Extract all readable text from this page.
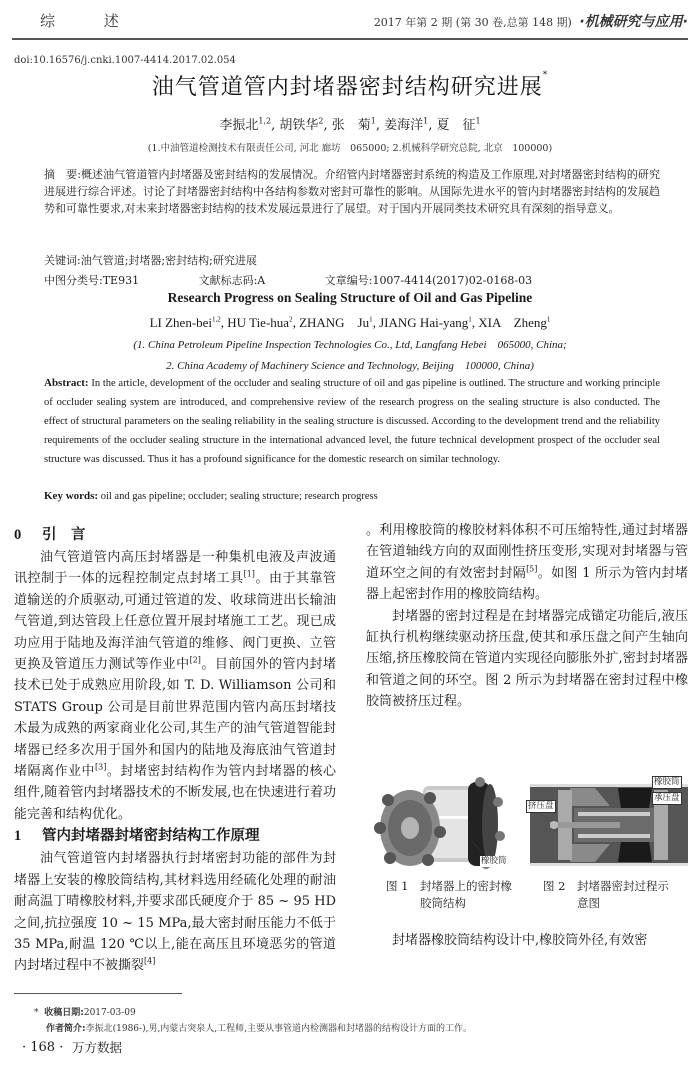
综 述	2017 年第 2 期 (第 30 卷,总第 148 期) ·机械研究与应用·
doi:10.16576/j.cnki.1007-4414.2017.02.054
油气管道管内封堵器密封结构研究进展*
李振北$^{1,2}$, 胡铁华$^2$, 张　菊$^1$, 姜海洋$^1$, 夏　征$^1$
(1.中油管道检测技术有限责任公司, 河北 廊坊　065000; 2.机械科学研究总院, 北京　100000)
摘　要:概述油气管道管内封堵器及密封结构的发展情况。介绍管内封堵器密封系统的构造及工作原理,对封堵器密封结构的研究进展进行综合评述。讨论了封堵器密封结构中各结构参数对密封可靠性的影响。从国际先进水平的管内封堵器密封结构的发展趋势和可靠性要求,对未来封堵器密封结构的技术发展远景进行了展望。对于国内开展同类技术研究具有深刻的指导意义。
关键词:油气管道;封堵器;密封结构;研究进展
中图分类号:TE931	文献标志码:A	文章编号:1007-4414(2017)02-0168-03
Research Progress on Sealing Structure of Oil and Gas Pipeline
LI Zhen-bei$^{1,2}$, HU Tie-hua$^2$, ZHANG　Ju$^1$, JIANG Hai-yang$^1$, XIA　Zheng$^1$
(1. China Petroleum Pipeline Inspection Technologies Co., Ltd, Langfang Hebei　065000, China;
2. China Academy of Machinery Science and Technology, Beijing　100000, China)
Abstract: In the article, development of the occluder and sealing structure of oil and gas pipeline is outlined. The structure and working principle of occluder sealing system are introduced, and comprehensive review of the research progress on the sealing structure is also conducted. The effect of structural parameters on the sealing reliability in the sealing structure is discussed. According to the development trend and the reliability requirements of the occluder sealing structure in the international advanced level, the future technical development prospect of the occluder seal structure was discussed. Thus it has a profound significance for the domestic research on similar technology.
Key words: oil and gas pipeline; occluder; sealing structure; research progress
0 引　言

油气管道管内高压封堵器是一种集机电液及声波通讯控制于一体的远程控制定点封堵工具[1]。由于其靠管道输送的介质驱动,可通过管道的发、收球筒进出长输油气管道,到达管段上任意位置开展封堵施工工艺。现已成功应用于陆地及海洋油气管道的维修、阀门更换、立管更换及管道压力测试等作业中[2]。目前国外的管内封堵技术已处于成熟应用阶段,如 T. D. Williamson 公司和 STATS Group 公司是目前世界范围内管内高压封堵技术最为成熟的两家商业化公司,其生产的油气管道智能封堵器已经多次用于国外和国内的陆地及海底油气管道封堵隔离作业中[3]。封堵密封结构作为管内封堵器的核心组件,随着管内封堵器技术的不断发展,也在快速进行着功能完善和结构优化。

1 管内封堵器封堵密封结构工作原理

油气管道管内封堵器执行封堵密封功能的部件为封堵器上安装的橡胶筒结构,其材料选用经硫化处理的耐油耐高温丁晴橡胶材料,并要求邵氏硬度介于 85 ~ 95 HD 之间,抗拉强度 10 ~ 15 MPa,最大密封耐压能力不低于 35 MPa,耐温 120 ℃以上,能在高压且环境恶劣的管道内封堵过程中不被撕裂[4]

。利用橡胶筒的橡胶材料体积不可压缩特性,通过封堵器在管道轴线方向的双面刚性挤压变形,实现对封堵器与管道环空之间的有效密封封隔[5]。如图 1 所示为管内封堵器上起密封作用的橡胶筒结构。

封堵器的密封过程是在封堵器完成锚定功能后,液压缸执行机构继续驱动挤压盘,使其和承压盘之间产生轴向压缩,挤压橡胶筒在管道内实现径向膨胀外扩,密封封堵器和管道之间的环空。图 2 所示为封堵器在密封过程中橡胶筒被挤压过程。

橡胶筒
橡胶筒
承压盘
挤压盘
图 1 封堵器上的密封橡胶筒结构
图 2 封堵器密封过程示意图

封堵器橡胶筒结构设计中,橡胶筒外径,有效密

* 收稿日期:2017-03-09
作者简介:李振北(1986-),男,内蒙古突泉人,工程师,主要从事管道内检测器和封堵器的结构设计方面的工作。
· 168 · 万方数据
